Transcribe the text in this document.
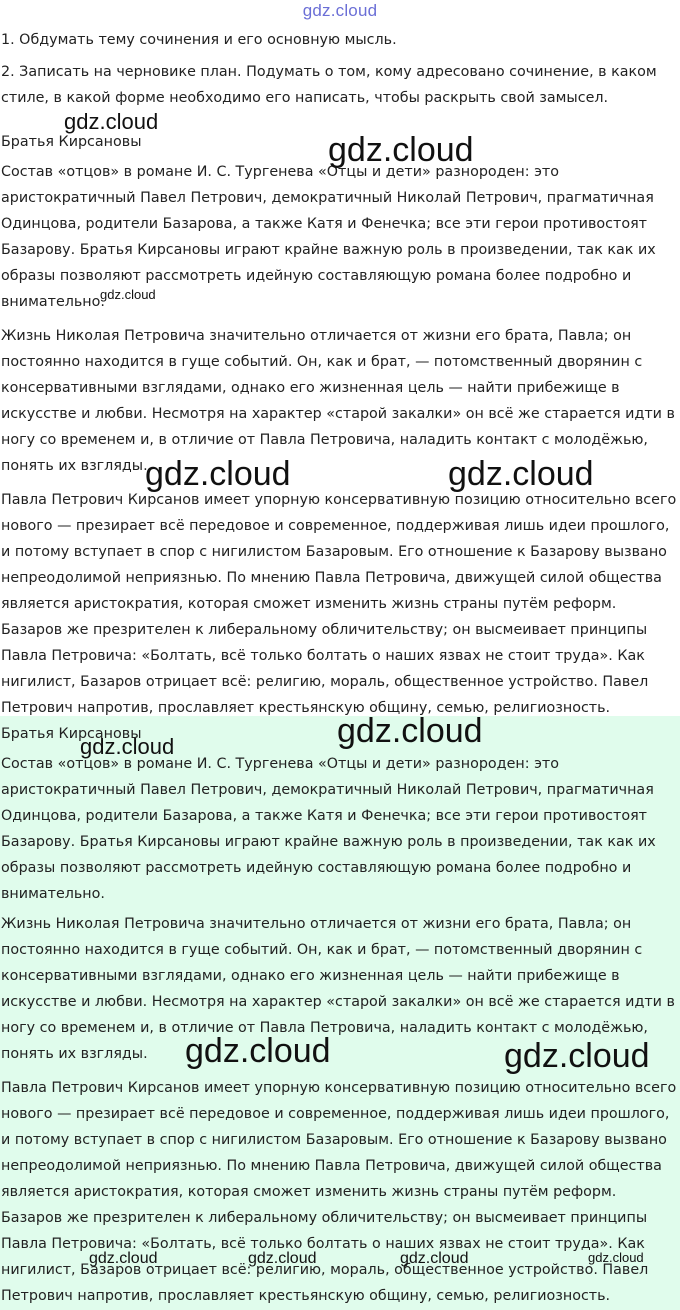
gdz.cloud

1. Обдумать тему сочинения и его основную мысль.

2. Записать на черновике план. Подумать о том, кому адресовано сочинение, в каком стиле, в какой форме необходимо его написать, чтобы раскрыть свой замысел.

Братья Кирсановы

Состав «отцов» в романе И. С. Тургенева «Отцы и дети» разнороден: это аристократичный Павел Петрович, демократичный Николай Петрович, прагматичная Одинцова, родители Базарова, а также Катя и Фенечка; все эти герои противостоят Базарову. Братья Кирсановы играют крайне важную роль в произведении, так как их образы позволяют рассмотреть идейную составляющую романа более подробно и внимательно.

Жизнь Николая Петровича значительно отличается от жизни его брата, Павла; он постоянно находится в гуще событий. Он, как и брат, — потомственный дворянин с консервативными взглядами, однако его жизненная цель — найти прибежище в искусстве и любви. Несмотря на характер «старой закалки» он всё же старается идти в ногу со временем и, в отличие от Павла Петровича, наладить контакт с молодёжью, понять их взгляды.

Павла Петрович Кирсанов имеет упорную консервативную позицию относительно всего нового — презирает всё передовое и современное, поддерживая лишь идеи прошлого, и потому вступает в спор с нигилистом Базаровым. Его отношение к Базарову вызвано непреодолимой неприязнью. По мнению Павла Петровича, движущей силой общества является аристократия, которая сможет изменить жизнь страны путём реформ. Базаров же презрителен к либеральному обличительству; он высмеивает принципы Павла Петровича: «Болтать, всё только болтать о наших язвах не стоит труда». Как нигилист, Базаров отрицает всё: религию, мораль, общественное устройство. Павел Петрович напротив, прославляет крестьянскую общину, семью, религиозность.

Братья Кирсановы

Состав «отцов» в романе И. С. Тургенева «Отцы и дети» разнороден: это аристократичный Павел Петрович, демократичный Николай Петрович, прагматичная Одинцова, родители Базарова, а также Катя и Фенечка; все эти герои противостоят Базарову. Братья Кирсановы играют крайне важную роль в произведении, так как их образы позволяют рассмотреть идейную составляющую романа более подробно и внимательно.

Жизнь Николая Петровича значительно отличается от жизни его брата, Павла; он постоянно находится в гуще событий. Он, как и брат, — потомственный дворянин с консервативными взглядами, однако его жизненная цель — найти прибежище в искусстве и любви. Несмотря на характер «старой закалки» он всё же старается идти в ногу со временем и, в отличие от Павла Петровича, наладить контакт с молодёжью, понять их взгляды.

Павла Петрович Кирсанов имеет упорную консервативную позицию относительно всего нового — презирает всё передовое и современное, поддерживая лишь идеи прошлого, и потому вступает в спор с нигилистом Базаровым. Его отношение к Базарову вызвано непреодолимой неприязнью. По мнению Павла Петровича, движущей силой общества является аристократия, которая сможет изменить жизнь страны путём реформ. Базаров же презрителен к либеральному обличительству; он высмеивает принципы Павла Петровича: «Болтать, всё только болтать о наших язвах не стоит труда». Как нигилист, Базаров отрицает всё: религию, мораль, общественное устройство. Павел Петрович напротив, прославляет крестьянскую общину, семью, религиозность.

gdz.cloud
gdz.cloud
gdz.cloud
gdz.cloud	gdz.cloud
gdz.cloud	gdz.cloud
gdz.cloud	gdz.cloud
gdz.cloud	gdz.cloud	gdz.cloud	gdz.cloud
